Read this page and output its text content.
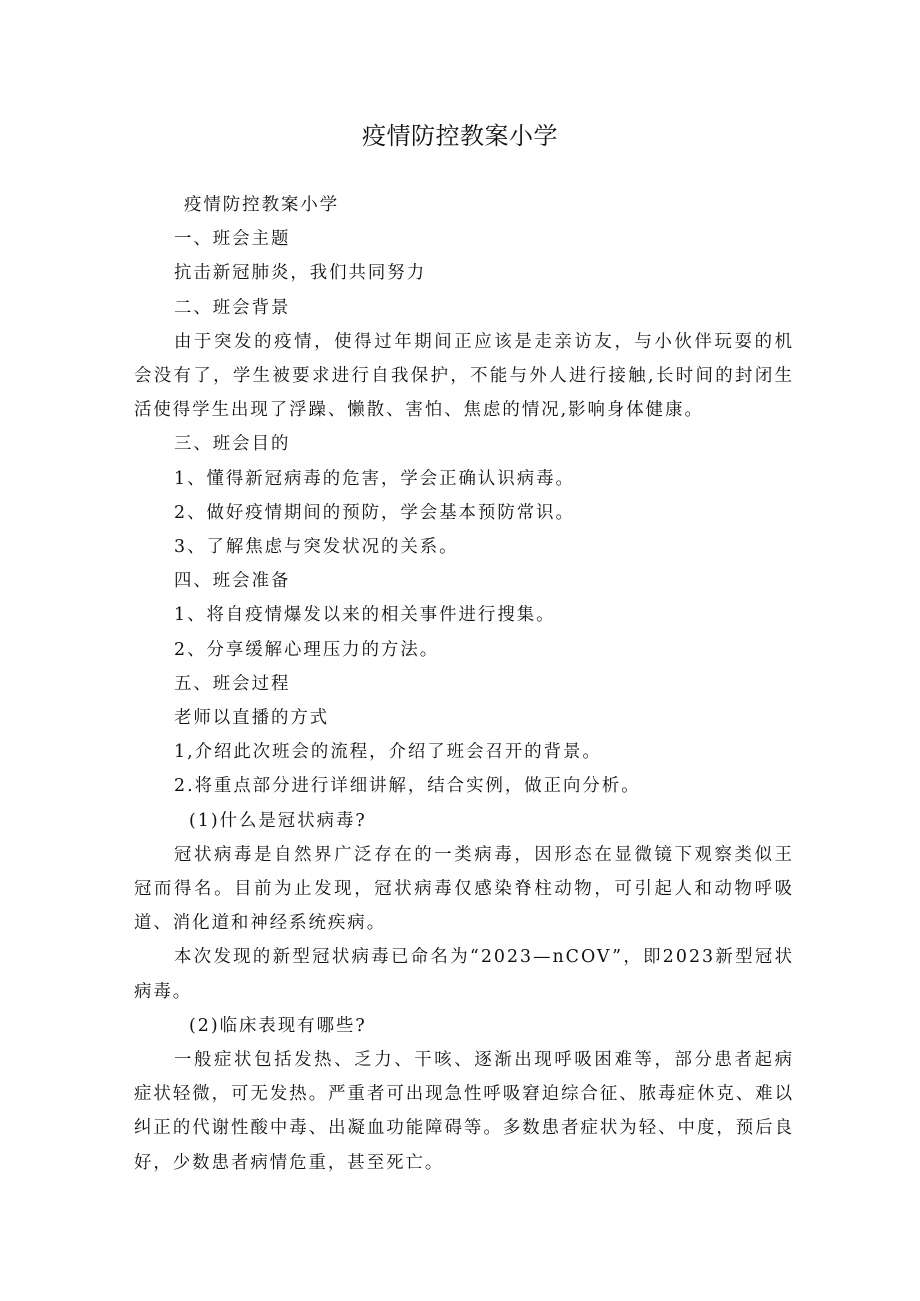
疫情防控教案小学

疫情防控教案小学

一、班会主题

抗击新冠肺炎，我们共同努力

二、班会背景

由于突发的疫情，使得过年期间正应该是走亲访友，与小伙伴玩耍的机会没有了，学生被要求进行自我保护，不能与外人进行接触,长时间的封闭生活使得学生出现了浮躁、懒散、害怕、焦虑的情况,影响身体健康。

三、班会目的

1、懂得新冠病毒的危害，学会正确认识病毒。

2、做好疫情期间的预防，学会基本预防常识。

3、了解焦虑与突发状况的关系。

四、班会准备

1、将自疫情爆发以来的相关事件进行搜集。

2、分享缓解心理压力的方法。

五、班会过程

老师以直播的方式

1,介绍此次班会的流程，介绍了班会召开的背景。

2.将重点部分进行详细讲解，结合实例，做正向分析。

(1)什么是冠状病毒?

冠状病毒是自然界广泛存在的一类病毒，因形态在显微镜下观察类似王冠而得名。目前为止发现，冠状病毒仅感染脊柱动物，可引起人和动物呼吸道、消化道和神经系统疾病。

本次发现的新型冠状病毒已命名为“2023—nCOV”，即2023新型冠状病毒。

(2)临床表现有哪些?

一般症状包括发热、乏力、干咳、逐渐出现呼吸困难等，部分患者起病症状轻微，可无发热。严重者可出现急性呼吸窘迫综合征、脓毒症休克、难以纠正的代谢性酸中毒、出凝血功能障碍等。多数患者症状为轻、中度，预后良好，少数患者病情危重，甚至死亡。
